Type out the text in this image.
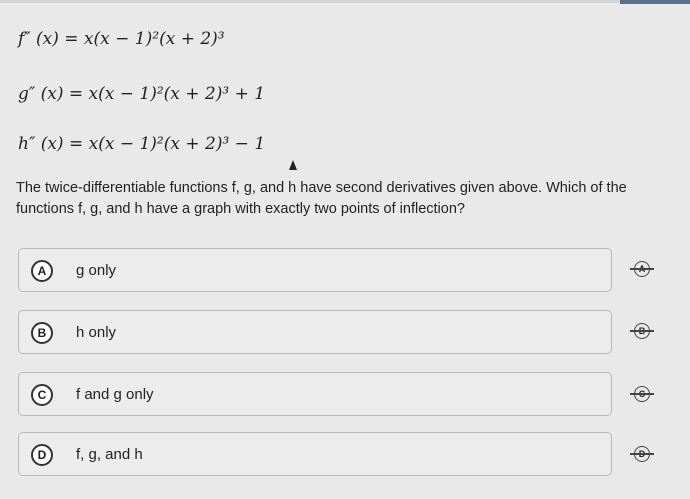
f″ (x) = x(x − 1)²(x + 2)³
g″ (x) = x(x − 1)²(x + 2)³ + 1
h″ (x) = x(x − 1)²(x + 2)³ − 1
The twice-differentiable functions f, g, and h have second derivatives given above. Which of the functions f, g, and h have a graph with exactly two points of inflection?
A	g only
B	h only
C	f and g only
D	f, g, and h
